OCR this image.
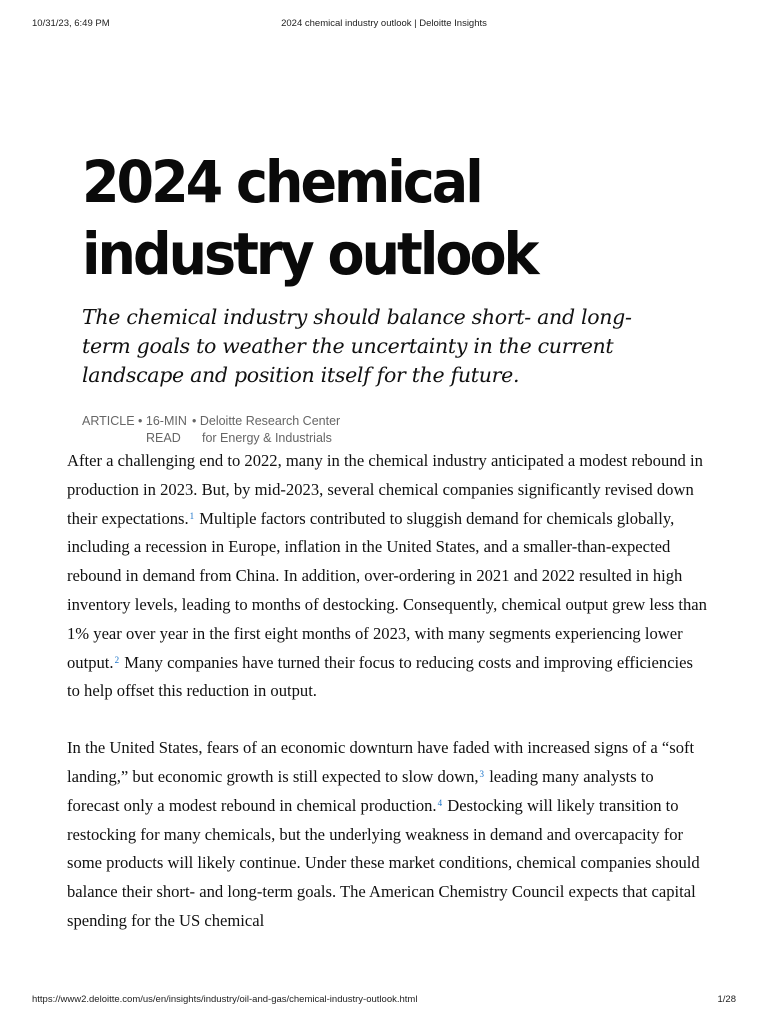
10/31/23, 6:49 PM	2024 chemical industry outlook | Deloitte Insights
2024 chemical
industry outlook

The chemical industry should balance short- and long-term goals to weather the uncertainty in the current landscape and position itself for the future.

ARTICLE • 16-MIN
READ
• Deloitte Research Center
for Energy & Industrials

After a challenging end to 2022, many in the chemical industry anticipated a modest rebound in production in 2023. But, by mid-2023, several chemical companies significantly revised down their expectations.$^1$ Multiple factors contributed to sluggish demand for chemicals globally, including a recession in Europe, inflation in the United States, and a smaller-than-expected rebound in demand from China. In addition, over-ordering in 2021 and 2022 resulted in high inventory levels, leading to months of destocking. Consequently, chemical output grew less than 1% year over year in the first eight months of 2023, with many segments experiencing lower output.$^2$ Many companies have turned their focus to reducing costs and improving efficiencies to help offset this reduction in output.

In the United States, fears of an economic downturn have faded with increased signs of a “soft landing,” but economic growth is still expected to slow down,$^3$ leading many analysts to forecast only a modest rebound in chemical production.$^4$ Destocking will likely transition to restocking for many chemicals, but the underlying weakness in demand and overcapacity for some products will likely continue. Under these market conditions, chemical companies should balance their short- and long-term goals. The American Chemistry Council expects that capital spending for the US chemical

https://www2.deloitte.com/us/en/insights/industry/oil-and-gas/chemical-industry-outlook.html	1/28
